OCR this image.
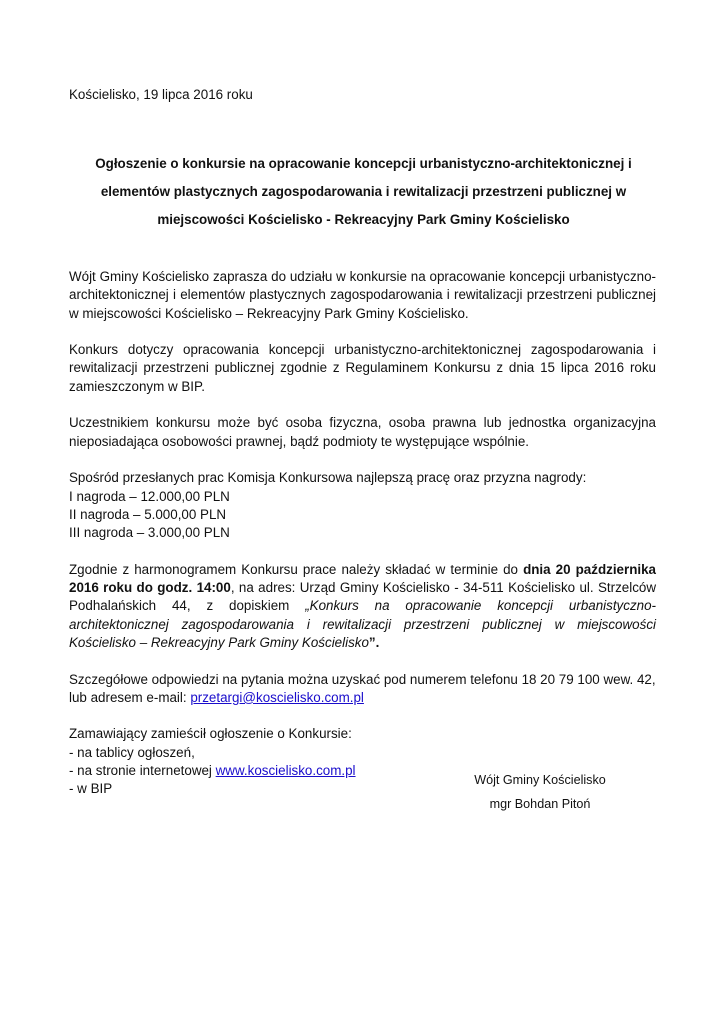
Kościelisko, 19 lipca 2016 roku
Ogłoszenie o konkursie na opracowanie koncepcji urbanistyczno-architektonicznej i
elementów plastycznych zagospodarowania i rewitalizacji przestrzeni publicznej w
miejscowości Kościelisko - Rekreacyjny Park Gminy Kościelisko

Wójt Gminy Kościelisko zaprasza do udziału w konkursie na opracowanie koncepcji urbanistyczno-architektonicznej i elementów plastycznych zagospodarowania i rewitalizacji przestrzeni publicznej w miejscowości Kościelisko – Rekreacyjny Park Gminy Kościelisko.

Konkurs dotyczy opracowania koncepcji urbanistyczno-architektonicznej zagospodarowania i rewitalizacji przestrzeni publicznej zgodnie z Regulaminem Konkursu z dnia 15 lipca 2016 roku zamieszczonym w BIP.

Uczestnikiem konkursu może być osoba fizyczna, osoba prawna lub jednostka organizacyjna nieposiadająca osobowości prawnej, bądź podmioty te występujące wspólnie.

Spośród przesłanych prac Komisja Konkursowa najlepszą pracę oraz przyzna nagrody:
I nagroda – 12.000,00 PLN
II nagroda – 5.000,00 PLN
III nagroda – 3.000,00 PLN

Zgodnie z harmonogramem Konkursu prace należy składać w terminie do dnia 20 października 2016 roku do godz. 14:00, na adres: Urząd Gminy Kościelisko - 34-511 Kościelisko ul. Strzelców Podhalańskich 44, z dopiskiem „Konkurs na opracowanie koncepcji urbanistyczno-architektonicznej zagospodarowania i rewitalizacji przestrzeni publicznej w miejscowości Kościelisko – Rekreacyjny Park Gminy Kościelisko”.

Szczegółowe odpowiedzi na pytania można uzyskać pod numerem telefonu 18 20 79 100 wew. 42, lub adresem e-mail: przetargi@koscielisko.com.pl

Zamawiający zamieścił ogłoszenie o Konkursie:
- na tablicy ogłoszeń,
- na stronie internetowej www.koscielisko.com.pl
- w BIP

Wójt Gminy Kościelisko
mgr Bohdan Pitoń
